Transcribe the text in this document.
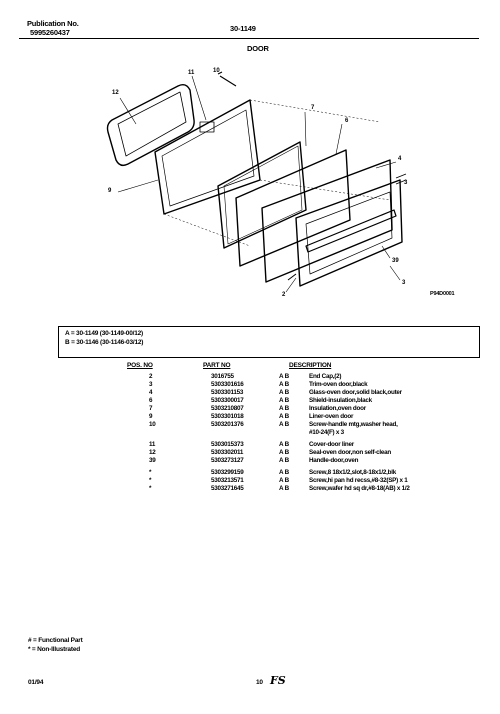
Publication No.
5995260437	30-1149
DOOR
12
11	10
7
6
4
3
9
2
39
3
P94D0001
A = 30-1149 (30-1149-00/12)
B = 30-1146 (30-1146-03/12)
POS. NO	PART NO	DESCRIPTION
2	3016755	A B	End Cap,(2)
3	5303301616	A B	Trim-oven door,black
4	5303301153	A B	Glass-oven door,solid black,outer
6	5303300017	A B	Shield-insulation,black
7	5303210807	A B	Insulation,oven door
9	5303301018	A B	Liner-oven door
10	5303201376	A B	Screw-handle mtg,washer head,
			#10-24(F) x 3

11	5303015373	A B	Cover-door liner
12	5303302011	A B	Seal-oven door,non self-clean
39	5303273127	A B	Handle-door,oven

*	5303299159	A B	Screw,8 18x1/2,slot,8-18x1/2,blk
*	5303213571	A B	Screw,hi pan hd recss,#8-32(SP) x 1
*	5303271645	A B	Screw,wafer hd sq dr,#8-18(AB) x 1/2
# = Functional Part
* = Non-Illustrated
01/94	10 FS
